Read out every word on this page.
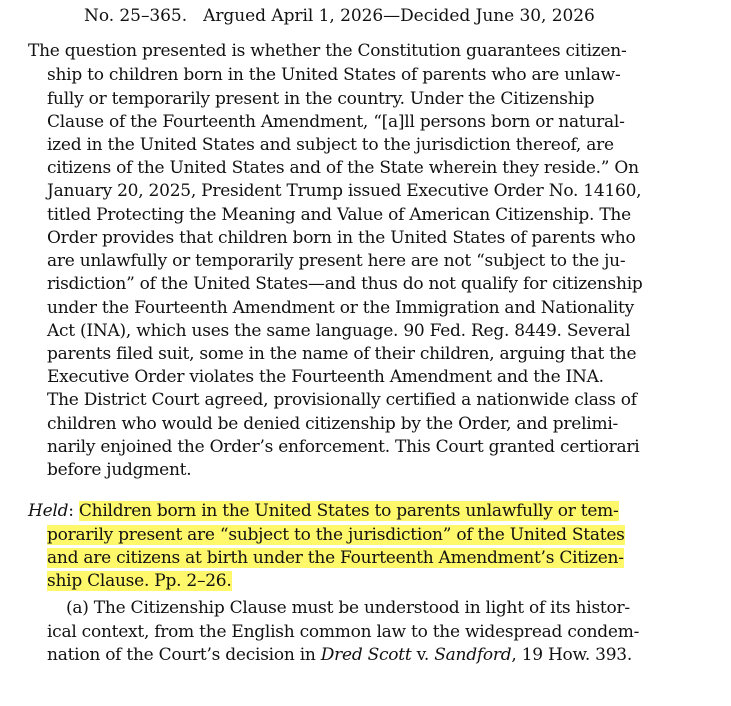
No. 25–365. Argued April 1, 2026—Decided June 30, 2026
The question presented is whether the Constitution guarantees citizen-
ship to children born in the United States of parents who are unlaw-
fully or temporarily present in the country. Under the Citizenship
Clause of the Fourteenth Amendment, “[a]ll persons born or natural-
ized in the United States and subject to the jurisdiction thereof, are
citizens of the United States and of the State wherein they reside.” On
January 20, 2025, President Trump issued Executive Order No. 14160,
titled Protecting the Meaning and Value of American Citizenship. The
Order provides that children born in the United States of parents who
are unlawfully or temporarily present here are not “subject to the ju-
risdiction” of the United States—and thus do not qualify for citizenship
under the Fourteenth Amendment or the Immigration and Nationality
Act (INA), which uses the same language. 90 Fed. Reg. 8449. Several
parents filed suit, some in the name of their children, arguing that the
Executive Order violates the Fourteenth Amendment and the INA.
The District Court agreed, provisionally certified a nationwide class of
children who would be denied citizenship by the Order, and prelimi-
narily enjoined the Order’s enforcement. This Court granted certiorari
before judgment.
Held: Children born in the United States to parents unlawfully or tem-
porarily present are “subject to the jurisdiction” of the United States
and are citizens at birth under the Fourteenth Amendment’s Citizen-
ship Clause. Pp. 2–26.
(a) The Citizenship Clause must be understood in light of its histor-
ical context, from the English common law to the widespread condem-
nation of the Court’s decision in Dred Scott v. Sandford, 19 How. 393.
